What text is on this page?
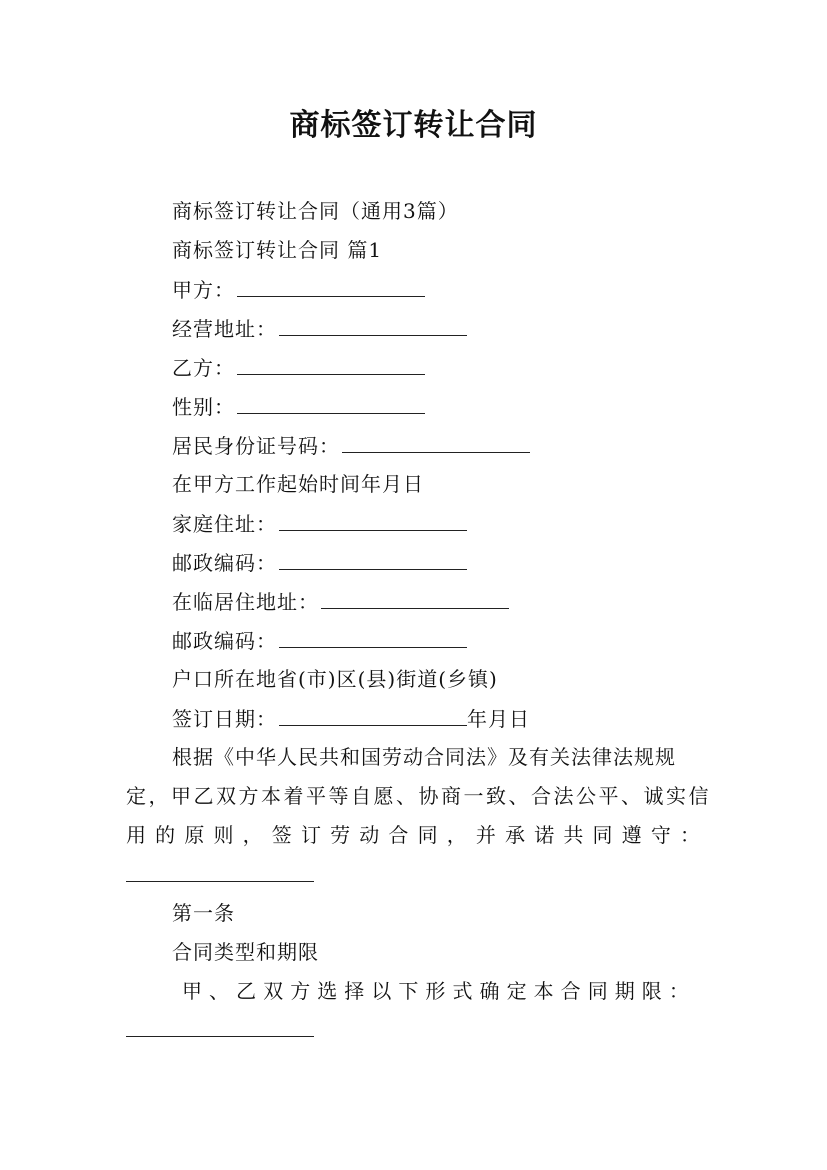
商标签订转让合同
商标签订转让合同（通用3篇）
商标签订转让合同 篇1
甲方：
经营地址：
乙方：
性别：
居民身份证号码：
在甲方工作起始时间年月日
家庭住址：
邮政编码：
在临居住地址：
邮政编码：
户口所在地省(市)区(县)街道(乡镇)
签订日期：	年月日
根据《中华人民共和国劳动合同法》及有关法律法规规
定，甲乙双方本着平等自愿、协商一致、合法公平、诚实信
用 的 原 则 ， 签 订 劳 动 合 同 ， 并 承 诺 共 同 遵 守 ：
第一条
合同类型和期限
甲 、 乙 双 方 选 择 以 下 形 式 确 定 本 合 同 期 限 ：
